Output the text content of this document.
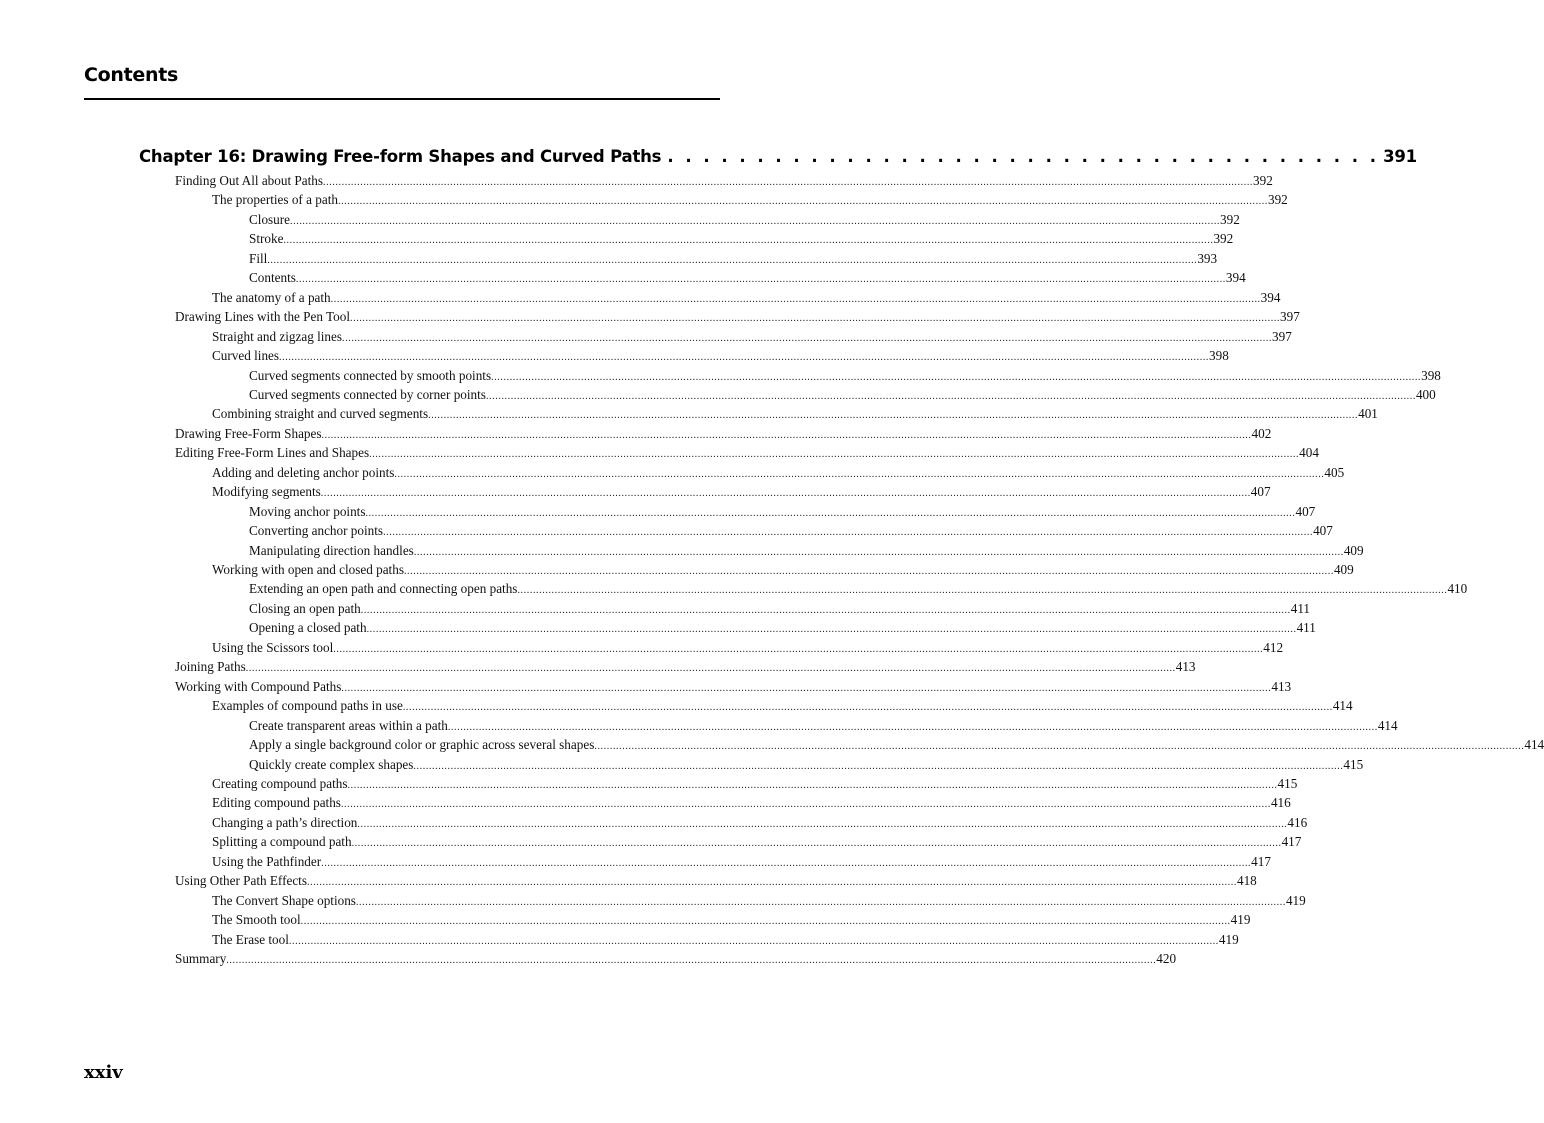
Contents
Chapter 16: Drawing Free-form Shapes and Curved Paths . . . . . . . . . . . . . . . . . . . . . . . . . . . . . . . . . . . . . . . . 391
Finding Out All about Paths ............................................................................................................................................................................................................................................................................................................ 392
The properties of a path ............................................................................................................................................................................................................................................................................................................ 392
Closure ............................................................................................................................................................................................................................................................................................................ 392
Stroke ............................................................................................................................................................................................................................................................................................................ 392
Fill ............................................................................................................................................................................................................................................................................................................ 393
Contents ............................................................................................................................................................................................................................................................................................................ 394
The anatomy of a path ............................................................................................................................................................................................................................................................................................................ 394
Drawing Lines with the Pen Tool ............................................................................................................................................................................................................................................................................................................ 397
Straight and zigzag lines ............................................................................................................................................................................................................................................................................................................ 397
Curved lines ............................................................................................................................................................................................................................................................................................................ 398
Curved segments connected by smooth points ............................................................................................................................................................................................................................................................................................................ 398
Curved segments connected by corner points ............................................................................................................................................................................................................................................................................................................ 400
Combining straight and curved segments ............................................................................................................................................................................................................................................................................................................ 401
Drawing Free-Form Shapes ............................................................................................................................................................................................................................................................................................................ 402
Editing Free-Form Lines and Shapes ............................................................................................................................................................................................................................................................................................................ 404
Adding and deleting anchor points ............................................................................................................................................................................................................................................................................................................ 405
Modifying segments ............................................................................................................................................................................................................................................................................................................ 407
Moving anchor points ............................................................................................................................................................................................................................................................................................................ 407
Converting anchor points ............................................................................................................................................................................................................................................................................................................ 407
Manipulating direction handles ............................................................................................................................................................................................................................................................................................................ 409
Working with open and closed paths ............................................................................................................................................................................................................................................................................................................ 409
Extending an open path and connecting open paths ............................................................................................................................................................................................................................................................................................................ 410
Closing an open path ............................................................................................................................................................................................................................................................................................................ 411
Opening a closed path ............................................................................................................................................................................................................................................................................................................ 411
Using the Scissors tool ............................................................................................................................................................................................................................................................................................................ 412
Joining Paths ............................................................................................................................................................................................................................................................................................................ 413
Working with Compound Paths ............................................................................................................................................................................................................................................................................................................ 413
Examples of compound paths in use ............................................................................................................................................................................................................................................................................................................ 414
Create transparent areas within a path ............................................................................................................................................................................................................................................................................................................ 414
Apply a single background color or graphic across several shapes ............................................................................................................................................................................................................................................................................................................ 414
Quickly create complex shapes ............................................................................................................................................................................................................................................................................................................ 415
Creating compound paths ............................................................................................................................................................................................................................................................................................................ 415
Editing compound paths ............................................................................................................................................................................................................................................................................................................ 416
Changing a path’s direction ............................................................................................................................................................................................................................................................................................................ 416
Splitting a compound path ............................................................................................................................................................................................................................................................................................................ 417
Using the Pathfinder ............................................................................................................................................................................................................................................................................................................ 417
Using Other Path Effects ............................................................................................................................................................................................................................................................................................................ 418
The Convert Shape options ............................................................................................................................................................................................................................................................................................................ 419
The Smooth tool ............................................................................................................................................................................................................................................................................................................ 419
The Erase tool ............................................................................................................................................................................................................................................................................................................ 419
Summary ............................................................................................................................................................................................................................................................................................................ 420
xxiv
